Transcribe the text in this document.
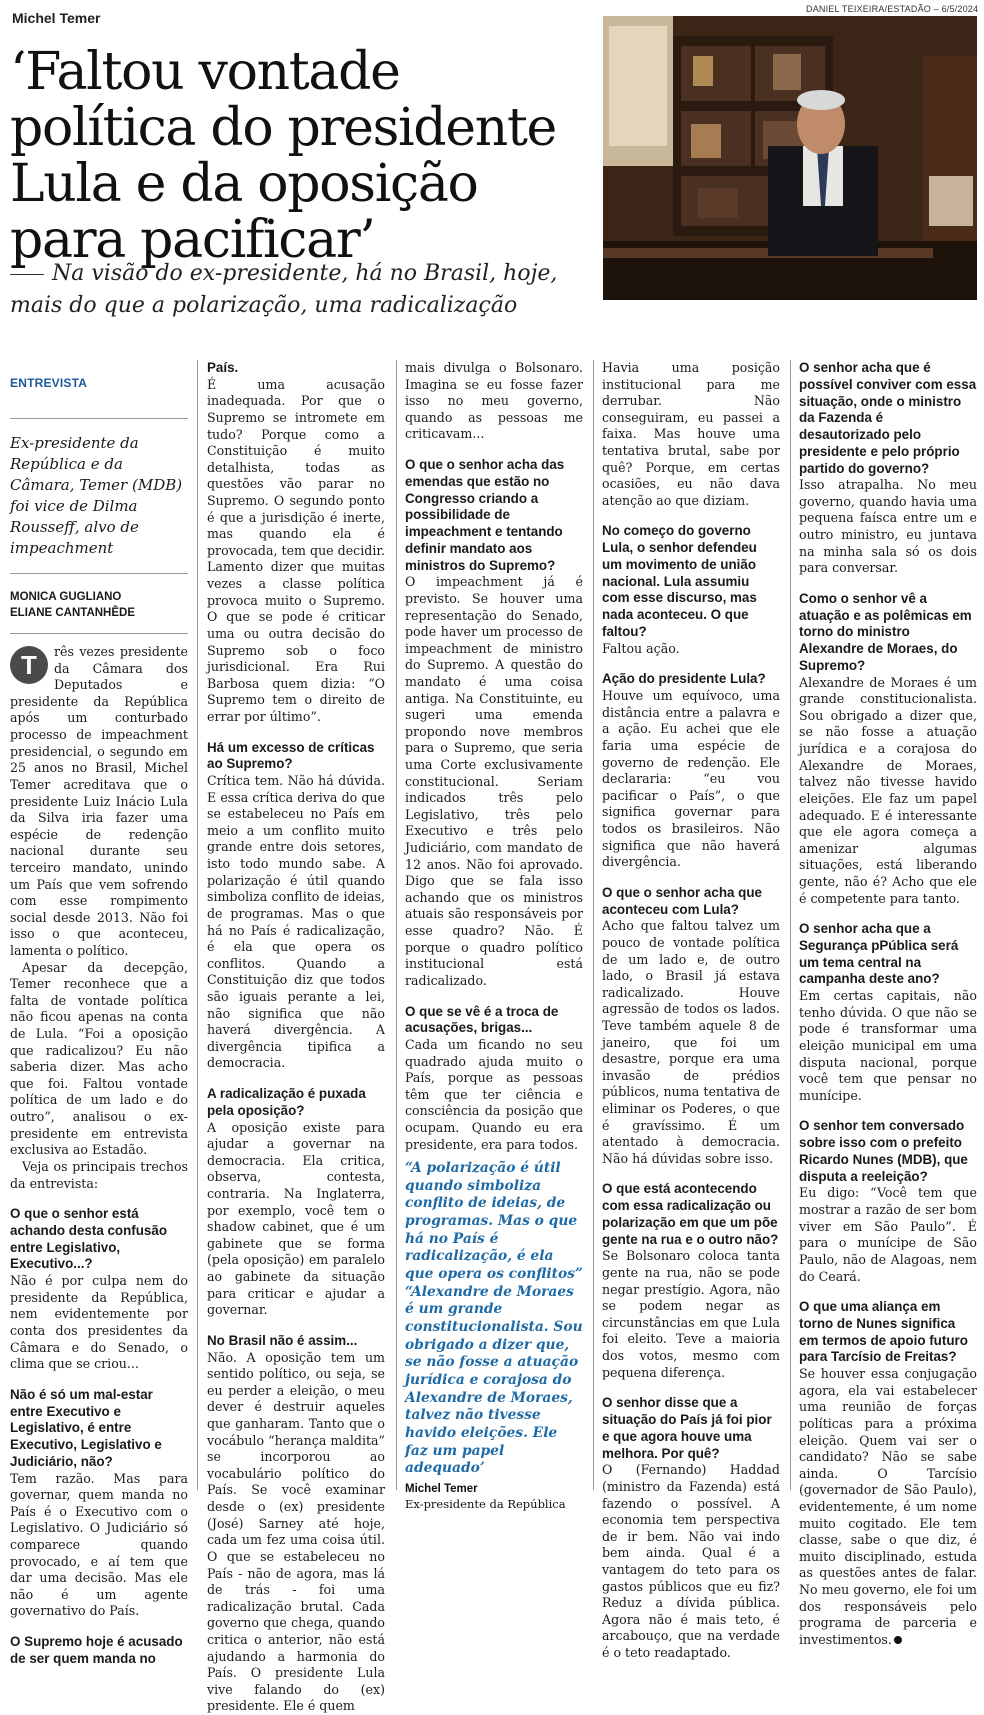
Michel Temer
DANIEL TEIXEIRA/ESTADÃO – 6/5/2024
‘Faltou vontade política do presidente Lula e da oposição para pacificar’

Na visão do ex-presidente, há no Brasil, hoje, mais do que a polarização, uma radicalização

ENTREVISTA
Ex-presidente da República e da Câmara, Temer (MDB) foi vice de Dilma Rousseff, alvo de impeachment
MONICA GUGLIANO
ELIANE CANTANHÊDE

T	rês vezes presidente da Câmara dos Deputados e presidente da República após um conturbado processo de impeachment presidencial, o segundo em 25 anos no Brasil, Michel Temer acreditava que o presidente Luiz Inácio Lula da Silva iria fazer uma espécie de redenção nacional durante seu terceiro mandato, unindo um País que vem sofrendo com esse rompimento social desde 2013. Não foi isso o que aconteceu, lamenta o político.

Apesar da decepção, Temer reconhece que a falta de vontade política não ficou apenas na conta de Lula. “Foi a oposição que radicalizou? Eu não saberia dizer. Mas acho que foi. Faltou vontade política de um lado e do outro”, analisou o ex-presidente em entrevista exclusiva ao Estadão.

Veja os principais trechos da entrevista:

O que o senhor está achando desta confusão entre Legislativo, Executivo...?

Não é por culpa nem do presidente da República, nem evidentemente por conta dos presidentes da Câmara e do Senado, o clima que se criou...

Não é só um mal-estar entre Executivo e Legislativo, é entre Executivo, Legislativo e Judiciário, não?

Tem razão. Mas para governar, quem manda no País é o Executivo com o Legislativo. O Judiciário só comparece quando provocado, e aí tem que dar uma decisão. Mas ele não é um agente governativo do País.

O Supremo hoje é acusado de ser quem manda no

País.

É uma acusação inadequada. Por que o Supremo se intromete em tudo? Porque como a Constituição é muito detalhista, todas as questões vão parar no Supremo. O segundo ponto é que a jurisdição é inerte, mas quando ela é provocada, tem que decidir. Lamento dizer que muitas vezes a classe política provoca muito o Supremo. O que se pode é criticar uma ou outra decisão do Supremo sob o foco jurisdicional. Era Rui Barbosa quem dizia: “O Supremo tem o direito de errar por último”.

Há um excesso de críticas ao Supremo?

Crítica tem. Não há dúvida. E essa crítica deriva do que se estabeleceu no País em meio a um conflito muito grande entre dois setores, isto todo mundo sabe. A polarização é útil quando simboliza conflito de ideias, de programas. Mas o que há no País é radicalização, é ela que opera os conflitos. Quando a Constituição diz que todos são iguais perante a lei, não significa que não haverá divergência. A divergência tipifica a democracia.

A radicalização é puxada pela oposição?

A oposição existe para ajudar a governar na democracia. Ela critica, observa, contesta, contraria. Na Inglaterra, por exemplo, você tem o shadow cabinet, que é um gabinete que se forma (pela oposição) em paralelo ao gabinete da situação para criticar e ajudar a governar.

No Brasil não é assim...

Não. A oposição tem um sentido político, ou seja, se eu perder a eleição, o meu dever é destruir aqueles que ganharam. Tanto que o vocábulo “herança maldita” se incorporou ao vocabulário político do País. Se você examinar desde o (ex) presidente (José) Sarney até hoje, cada um fez uma coisa útil. O que se estabeleceu no País - não de agora, mas lá de trás - foi uma radicalização brutal. Cada governo que chega, quando critica o anterior, não está ajudando a harmonia do País. O presidente Lula vive falando do (ex) presidente. Ele é quem

mais divulga o Bolsonaro. Imagina se eu fosse fazer isso no meu governo, quando as pessoas me criticavam...

O que o senhor acha das emendas que estão no Congresso criando a possibilidade de impeachment e tentando definir mandato aos ministros do Supremo?

O impeachment já é previsto. Se houver uma representação do Senado, pode haver um processo de impeachment de ministro do Supremo. A questão do mandato é uma coisa antiga. Na Constituinte, eu sugeri uma emenda propondo nove membros para o Supremo, que seria uma Corte exclusivamente constitucional. Seriam indicados três pelo Legislativo, três pelo Executivo e três pelo Judiciário, com mandato de 12 anos. Não foi aprovado. Digo que se fala isso achando que os ministros atuais são responsáveis por esse quadro? Não. É porque o quadro político institucional está radicalizado.

O que se vê é a troca de acusações, brigas...

Cada um ficando no seu quadrado ajuda muito o País, porque as pessoas têm que ter ciência e consciência da posição que ocupam. Quando eu era presidente, era para todos.

“A polarização é útil quando simboliza conflito de ideias, de programas. Mas o que há no País é radicalização, é ela que opera os conflitos”
“Alexandre de Moraes é um grande constitucionalista. Sou obrigado a dizer que, se não fosse a atuação jurídica e corajosa do Alexandre de Moraes, talvez não tivesse havido eleições. Ele faz um papel adequado’
Michel Temer
Ex-presidente da República

Havia uma posição institucional para me derrubar. Não conseguiram, eu passei a faixa. Mas houve uma tentativa brutal, sabe por quê? Porque, em certas ocasiões, eu não dava atenção ao que diziam.

No começo do governo Lula, o senhor defendeu um movimento de união nacional. Lula assumiu com esse discurso, mas nada aconteceu. O que faltou?

Faltou ação.

Ação do presidente Lula?

Houve um equívoco, uma distância entre a palavra e a ação. Eu achei que ele faria uma espécie de governo de redenção. Ele declararia: “eu vou pacificar o País”, o que significa governar para todos os brasileiros. Não significa que não haverá divergência.

O que o senhor acha que aconteceu com Lula?

Acho que faltou talvez um pouco de vontade política de um lado e, de outro lado, o Brasil já estava radicalizado. Houve agressão de todos os lados. Teve também aquele 8 de janeiro, que foi um desastre, porque era uma invasão de prédios públicos, numa tentativa de eliminar os Poderes, o que é gravíssimo. É um atentado à democracia. Não há dúvidas sobre isso.

O que está acontecendo com essa radicalização ou polarização em que um põe gente na rua e o outro não?

Se Bolsonaro coloca tanta gente na rua, não se pode negar prestígio. Agora, não se podem negar as circunstâncias em que Lula foi eleito. Teve a maioria dos votos, mesmo com pequena diferença.

O senhor disse que a situação do País já foi pior e que agora houve uma melhora. Por quê?

O (Fernando) Haddad (ministro da Fazenda) está fazendo o possível. A economia tem perspectiva de ir bem. Não vai indo bem ainda. Qual é a vantagem do teto para os gastos públicos que eu fiz? Reduz a dívida pública. Agora não é mais teto, é arcabouço, que na verdade é o teto readaptado.

O senhor acha que é possível conviver com essa situação, onde o ministro da Fazenda é desautorizado pelo presidente e pelo próprio partido do governo?

Isso atrapalha. No meu governo, quando havia uma pequena faísca entre um e outro ministro, eu juntava na minha sala só os dois para conversar.

Como o senhor vê a atuação e as polêmicas em torno do ministro Alexandre de Moraes, do Supremo?

Alexandre de Moraes é um grande constitucionalista. Sou obrigado a dizer que, se não fosse a atuação jurídica e a corajosa do Alexandre de Moraes, talvez não tivesse havido eleições. Ele faz um papel adequado. E é interessante que ele agora começa a amenizar algumas situações, está liberando gente, não é? Acho que ele é competente para tanto.

O senhor acha que a Segurança pPública será um tema central na campanha deste ano?

Em certas capitais, não tenho dúvida. O que não se pode é transformar uma eleição municipal em uma disputa nacional, porque você tem que pensar no munícipe.

O senhor tem conversado sobre isso com o prefeito Ricardo Nunes (MDB), que disputa a reeleição?

Eu digo: “Você tem que mostrar a razão de ser bom viver em São Paulo”. É para o munícipe de São Paulo, não de Alagoas, nem do Ceará.

O que uma aliança em torno de Nunes significa em termos de apoio futuro para Tarcísio de Freitas?

Se houver essa conjugação agora, ela vai estabelecer uma reunião de forças políticas para a próxima eleição. Quem vai ser o candidato? Não se sabe ainda. O Tarcísio (governador de São Paulo), evidentemente, é um nome muito cogitado. Ele tem classe, sabe o que diz, é muito disciplinado, estuda as questões antes de falar. No meu governo, ele foi um dos responsáveis pelo programa de parceria e investimentos.
